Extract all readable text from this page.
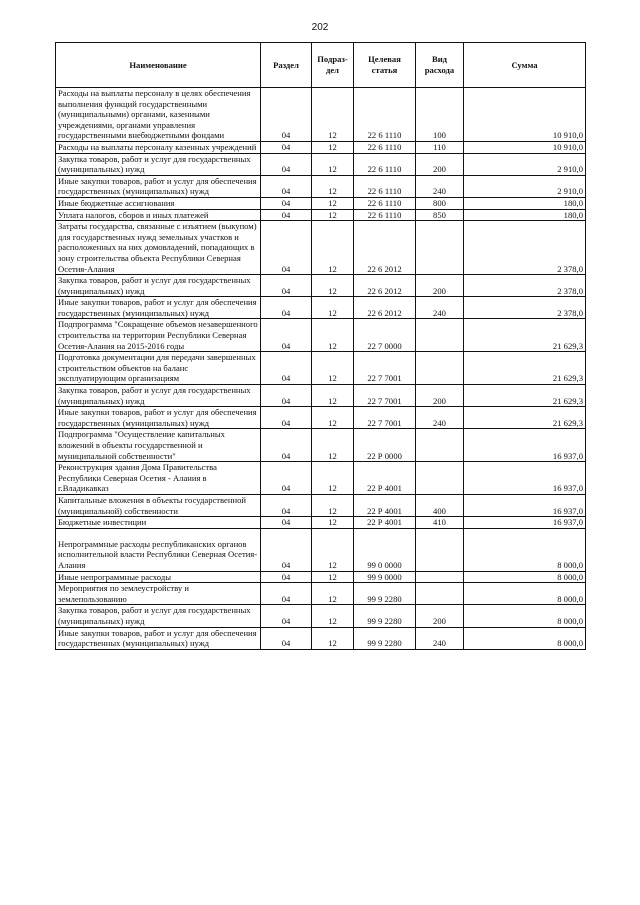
202
Наименование	Раздел	Подраз-дел	Целевая статья	Вид расхода	Сумма

Расходы на выплаты персоналу в целях обеспечения выполнения функций государственными (муниципальными) органами, казенными учреждениями, органами управления государственными внебюджетными фондами	04	12	22 6 1110	100	10 910,0

Расходы на выплаты персоналу казенных учреждений	04	12	22 6 1110	110	10 910,0

Закупка товаров, работ и услуг для государственных (муниципальных) нужд	04	12	22 6 1110	200	2 910,0

Иные закупки товаров, работ и услуг для обеспечения государственных (муниципальных) нужд	04	12	22 6 1110	240	2 910,0

Иные бюджетные ассигнования	04	12	22 6 1110	800	180,0

Уплата налогов, сборов и иных платежей	04	12	22 6 1110	850	180,0

Затраты государства, связанные с изъятием (выкупом) для государственных нужд земельных участков и расположенных на них домовладений, попадающих в зону строительства объекта Республики Северная Осетия-Алания	04	12	22 6 2012		2 378,0

Закупка товаров, работ и услуг для государственных (муниципальных) нужд	04	12	22 6 2012	200	2 378,0

Иные закупки товаров, работ и услуг для обеспечения государственных (муниципальных) нужд	04	12	22 6 2012	240	2 378,0

Подпрограмма "Сокращение объемов незавершенного строительства на территории Республики Северная Осетия-Алания на 2015-2016 годы	04	12	22 7 0000		21 629,3

Подготовка документации для передачи завершенных строительством объектов на баланс эксплуатирующим организациям	04	12	22 7 7001		21 629,3

Закупка товаров, работ и услуг для государственных (муниципальных) нужд	04	12	22 7 7001	200	21 629,3

Иные закупки товаров, работ и услуг для обеспечения государственных (муниципальных) нужд	04	12	22 7 7001	240	21 629,3

Подпрограмма "Осуществление капитальных вложений в объекты государственной и муниципальной собственности"	04	12	22 Р 0000		16 937,0

Реконструкция здания Дома Правительства Республики Северная Осетия - Алания в г.Владикавказ	04	12	22 Р 4001		16 937,0

Капитальные вложения в объекты государственной (муниципальной) собственности	04	12	22 Р 4001	400	16 937,0

Бюджетные инвестиции	04	12	22 Р 4001	410	16 937,0

Непрограммные расходы республиканских органов исполнительной власти Республики Северная Осетия-Алания	04	12	99 0 0000		8 000,0

Иные непрограммные расходы	04	12	99 9 0000		8 000,0

Мероприятия по землеустройству и землепользованию	04	12	99 9 2280		8 000,0

Закупка товаров, работ и услуг для государственных (муниципальных) нужд	04	12	99 9 2280	200	8 000,0

Иные закупки товаров, работ и услуг для обеспечения государственных (муниципальных) нужд	04	12	99 9 2280	240	8 000,0
